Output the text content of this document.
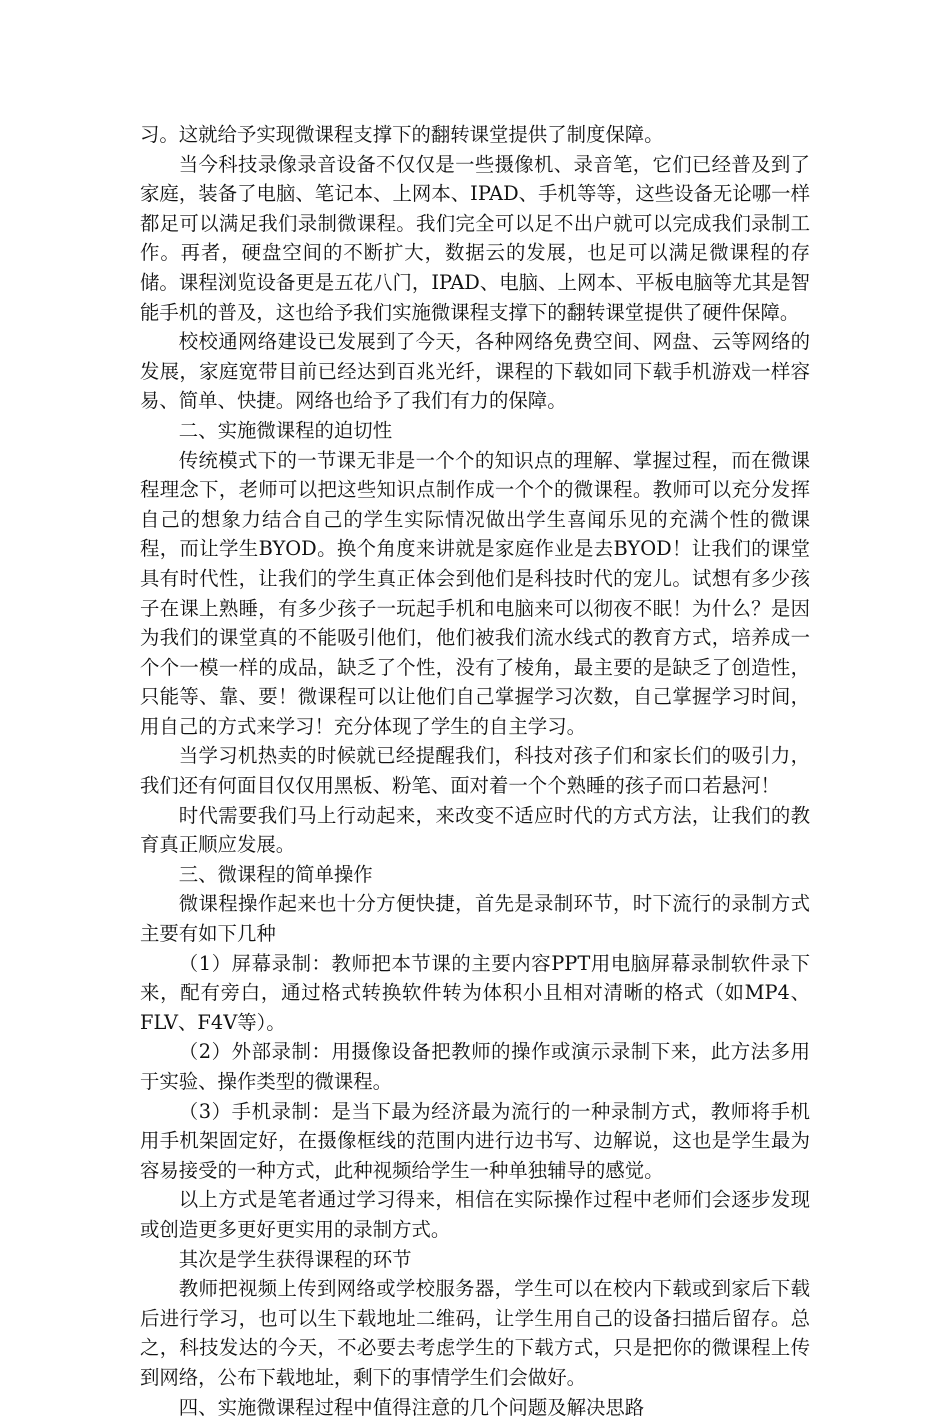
习。这就给予实现微课程支撑下的翻转课堂提供了制度保障。

当今科技录像录音设备不仅仅是一些摄像机、录音笔，它们已经普及到了家庭，装备了电脑、笔记本、上网本、IPAD、手机等等，这些设备无论哪一样都足可以满足我们录制微课程。我们完全可以足不出户就可以完成我们录制工作。再者，硬盘空间的不断扩大，数据云的发展，也足可以满足微课程的存储。课程浏览设备更是五花八门，IPAD、电脑、上网本、平板电脑等尤其是智能手机的普及，这也给予我们实施微课程支撑下的翻转课堂提供了硬件保障。

校校通网络建设已发展到了今天，各种网络免费空间、网盘、云等网络的发展，家庭宽带目前已经达到百兆光纤，课程的下载如同下载手机游戏一样容易、简单、快捷。网络也给予了我们有力的保障。

二、实施微课程的迫切性

传统模式下的一节课无非是一个个的知识点的理解、掌握过程，而在微课程理念下，老师可以把这些知识点制作成一个个的微课程。教师可以充分发挥自己的想象力结合自己的学生实际情况做出学生喜闻乐见的充满个性的微课程，而让学生BYOD。换个角度来讲就是家庭作业是去BYOD！让我们的课堂具有时代性，让我们的学生真正体会到他们是科技时代的宠儿。试想有多少孩子在课上熟睡，有多少孩子一玩起手机和电脑来可以彻夜不眠！为什么？是因为我们的课堂真的不能吸引他们，他们被我们流水线式的教育方式，培养成一个个一模一样的成品，缺乏了个性，没有了棱角，最主要的是缺乏了创造性，只能等、靠、要！微课程可以让他们自己掌握学习次数，自己掌握学习时间，用自己的方式来学习！充分体现了学生的自主学习。

当学习机热卖的时候就已经提醒我们，科技对孩子们和家长们的吸引力，我们还有何面目仅仅用黑板、粉笔、面对着一个个熟睡的孩子而口若悬河！

时代需要我们马上行动起来，来改变不适应时代的方式方法，让我们的教育真正顺应发展。

三、微课程的简单操作

微课程操作起来也十分方便快捷，首先是录制环节，时下流行的录制方式主要有如下几种

（1）屏幕录制：教师把本节课的主要内容PPT用电脑屏幕录制软件录下来，配有旁白，通过格式转换软件转为体积小且相对清晰的格式（如MP4、FLV、F4V等）。

（2）外部录制：用摄像设备把教师的操作或演示录制下来，此方法多用于实验、操作类型的微课程。

（3）手机录制：是当下最为经济最为流行的一种录制方式，教师将手机用手机架固定好，在摄像框线的范围内进行边书写、边解说，这也是学生最为容易接受的一种方式，此种视频给学生一种单独辅导的感觉。

以上方式是笔者通过学习得来，相信在实际操作过程中老师们会逐步发现或创造更多更好更实用的录制方式。

其次是学生获得课程的环节

教师把视频上传到网络或学校服务器，学生可以在校内下载或到家后下载后进行学习，也可以生下载地址二维码，让学生用自己的设备扫描后留存。总之，科技发达的今天，不必要去考虑学生的下载方式，只是把你的微课程上传到网络，公布下载地址，剩下的事情学生们会做好。

四、实施微课程过程中值得注意的几个问题及解决思路
